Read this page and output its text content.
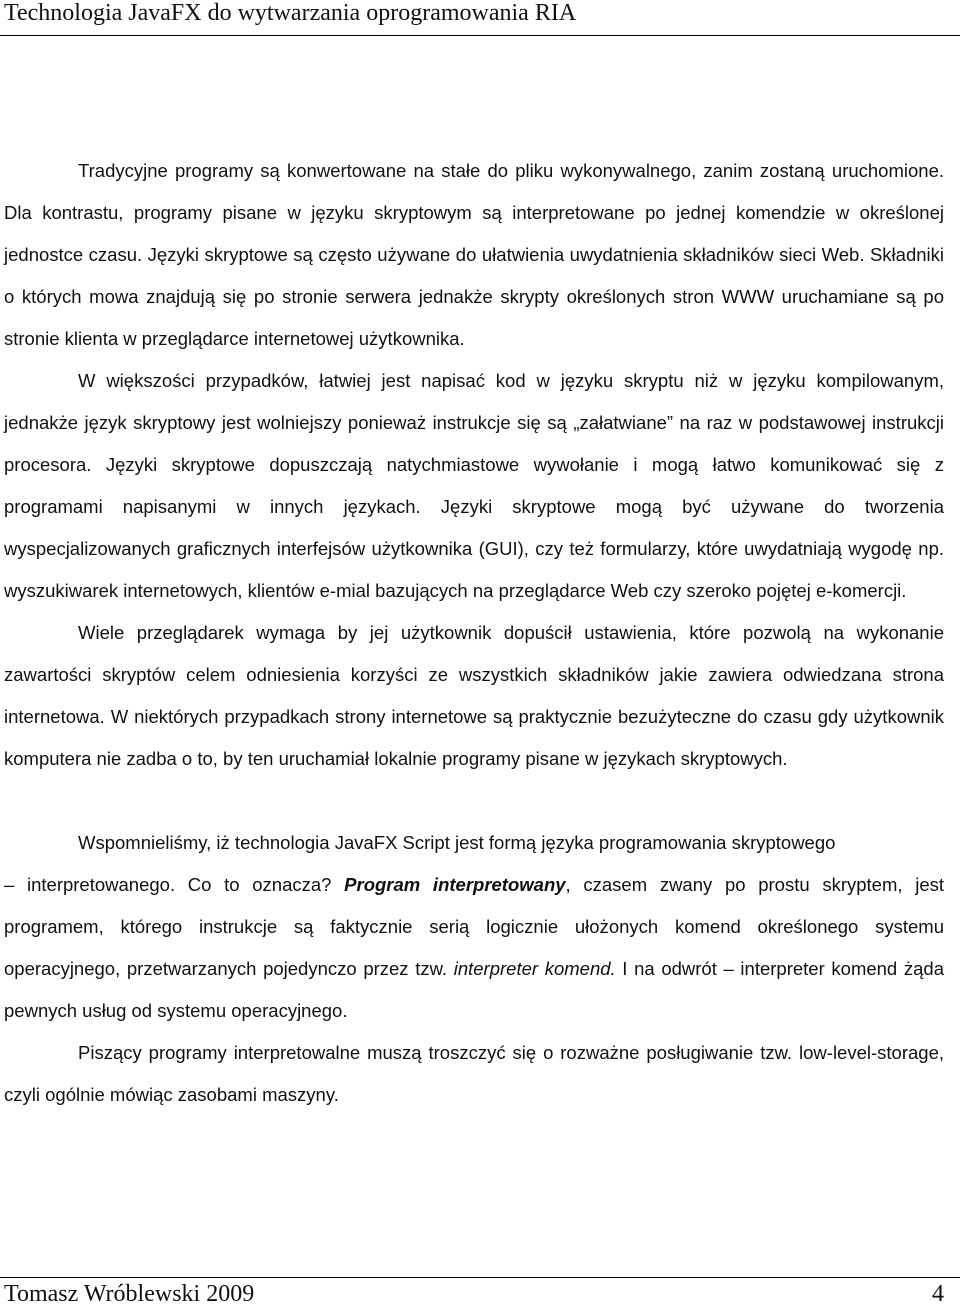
Technologia JavaFX do wytwarzania oprogramowania RIA

Tradycyjne programy są konwertowane na stałe do pliku wykonywalnego, zanim zostaną uruchomione. Dla kontrastu, programy pisane w języku skryptowym są interpretowane po jednej komendzie w określonej jednostce czasu. Języki skryptowe są często używane do ułatwienia uwydatnienia składników sieci Web. Składniki o których mowa znajdują się po stronie serwera jednakże skrypty określonych stron WWW uruchamiane są po stronie klienta w przeglądarce internetowej użytkownika.

W większości przypadków, łatwiej jest napisać kod w języku skryptu niż w języku kompilowanym, jednakże język skryptowy jest wolniejszy ponieważ instrukcje się są „załatwiane” na raz w podstawowej instrukcji procesora. Języki skryptowe dopuszczają natychmiastowe wywołanie i mogą łatwo komunikować się z programami napisanymi w innych językach. Języki skryptowe mogą być używane do tworzenia wyspecjalizowanych graficznych interfejsów użytkownika (GUI), czy też formularzy, które uwydatniają wygodę np. wyszukiwarek internetowych, klientów e-mial bazujących na przeglądarce Web czy szeroko pojętej e-komercji.

Wiele przeglądarek wymaga by jej użytkownik dopuścił ustawienia, które pozwolą na wykonanie zawartości skryptów celem odniesienia korzyści ze wszystkich składników jakie zawiera odwiedzana strona internetowa. W niektórych przypadkach strony internetowe są praktycznie bezużyteczne do czasu gdy użytkownik komputera nie zadba o to, by ten uruchamiał lokalnie programy pisane w językach skryptowych.

Wspomnieliśmy, iż technologia JavaFX Script jest formą języka programowania skryptowego

– interpretowanego. Co to oznacza? Program interpretowany, czasem zwany po prostu skryptem, jest programem, którego instrukcje są faktycznie serią logicznie ułożonych komend określonego systemu operacyjnego, przetwarzanych pojedynczo przez tzw. interpreter komend. I na odwrót – interpreter komend żąda pewnych usług od systemu operacyjnego.

Piszący programy interpretowalne muszą troszczyć się o rozważne posługiwanie tzw. low-level-storage, czyli ogólnie mówiąc zasobami maszyny.

Tomasz Wróblewski 2009	4
